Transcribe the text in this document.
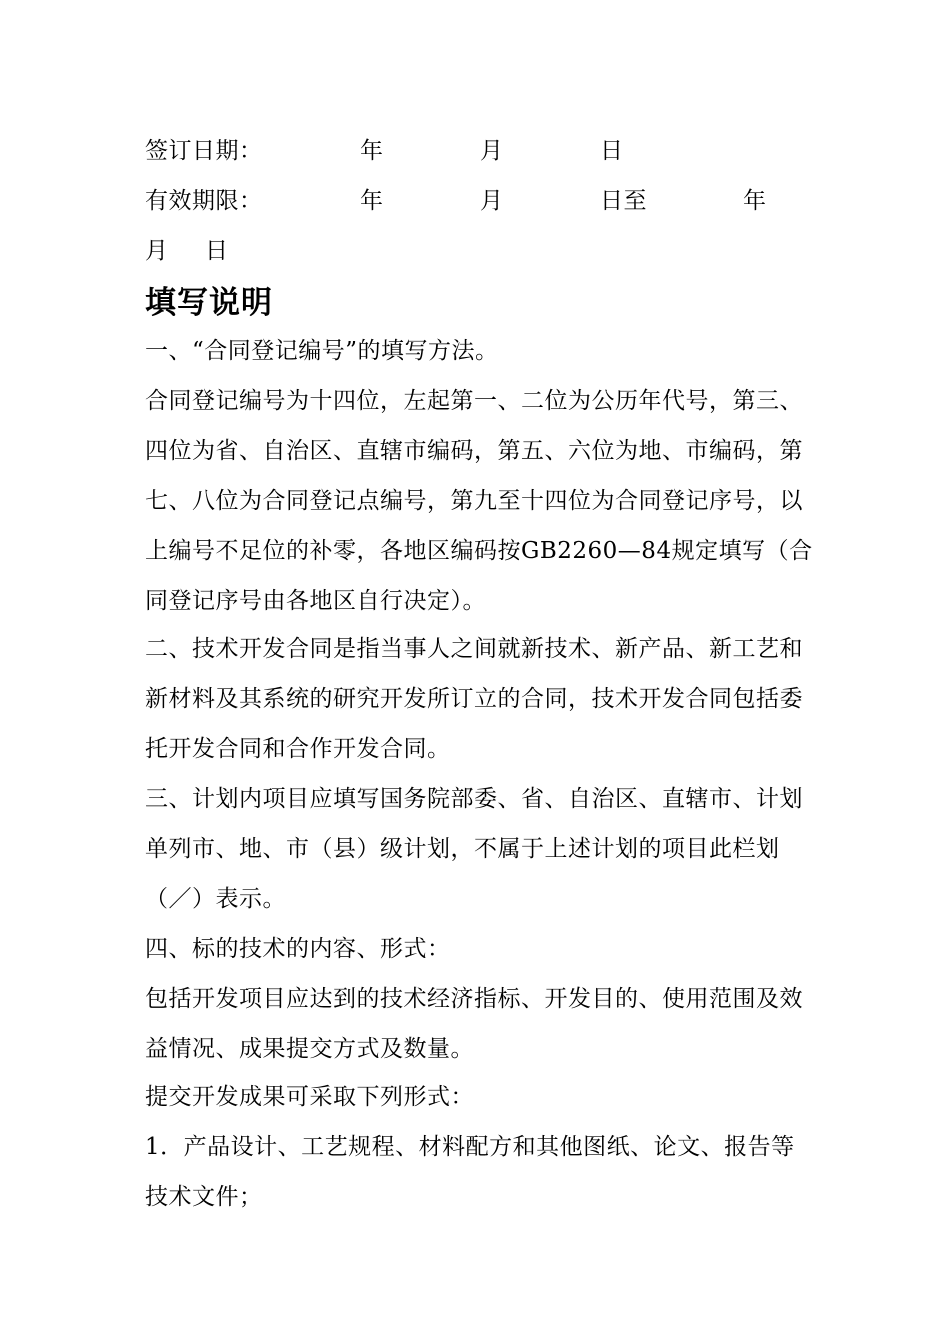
签订日期：	年	月	日
有效期限：	年	月	日至	年
月 日
填写说明
一、“合同登记编号”的填写方法。
合同登记编号为十四位，左起第一、二位为公历年代号，第三、
四位为省、自治区、直辖市编码，第五、六位为地、市编码，第
七、八位为合同登记点编号，第九至十四位为合同登记序号，以
上编号不足位的补零，各地区编码按GB2260—84规定填写（合
同登记序号由各地区自行决定）。
二、技术开发合同是指当事人之间就新技术、新产品、新工艺和
新材料及其系统的研究开发所订立的合同，技术开发合同包括委
托开发合同和合作开发合同。
三、计划内项目应填写国务院部委、省、自治区、直辖市、计划
单列市、地、市（县）级计划，不属于上述计划的项目此栏划
（／）表示。
四、标的技术的内容、形式：
包括开发项目应达到的技术经济指标、开发目的、使用范围及效
益情况、成果提交方式及数量。
提交开发成果可采取下列形式：
1．产品设计、工艺规程、材料配方和其他图纸、论文、报告等
技术文件；
